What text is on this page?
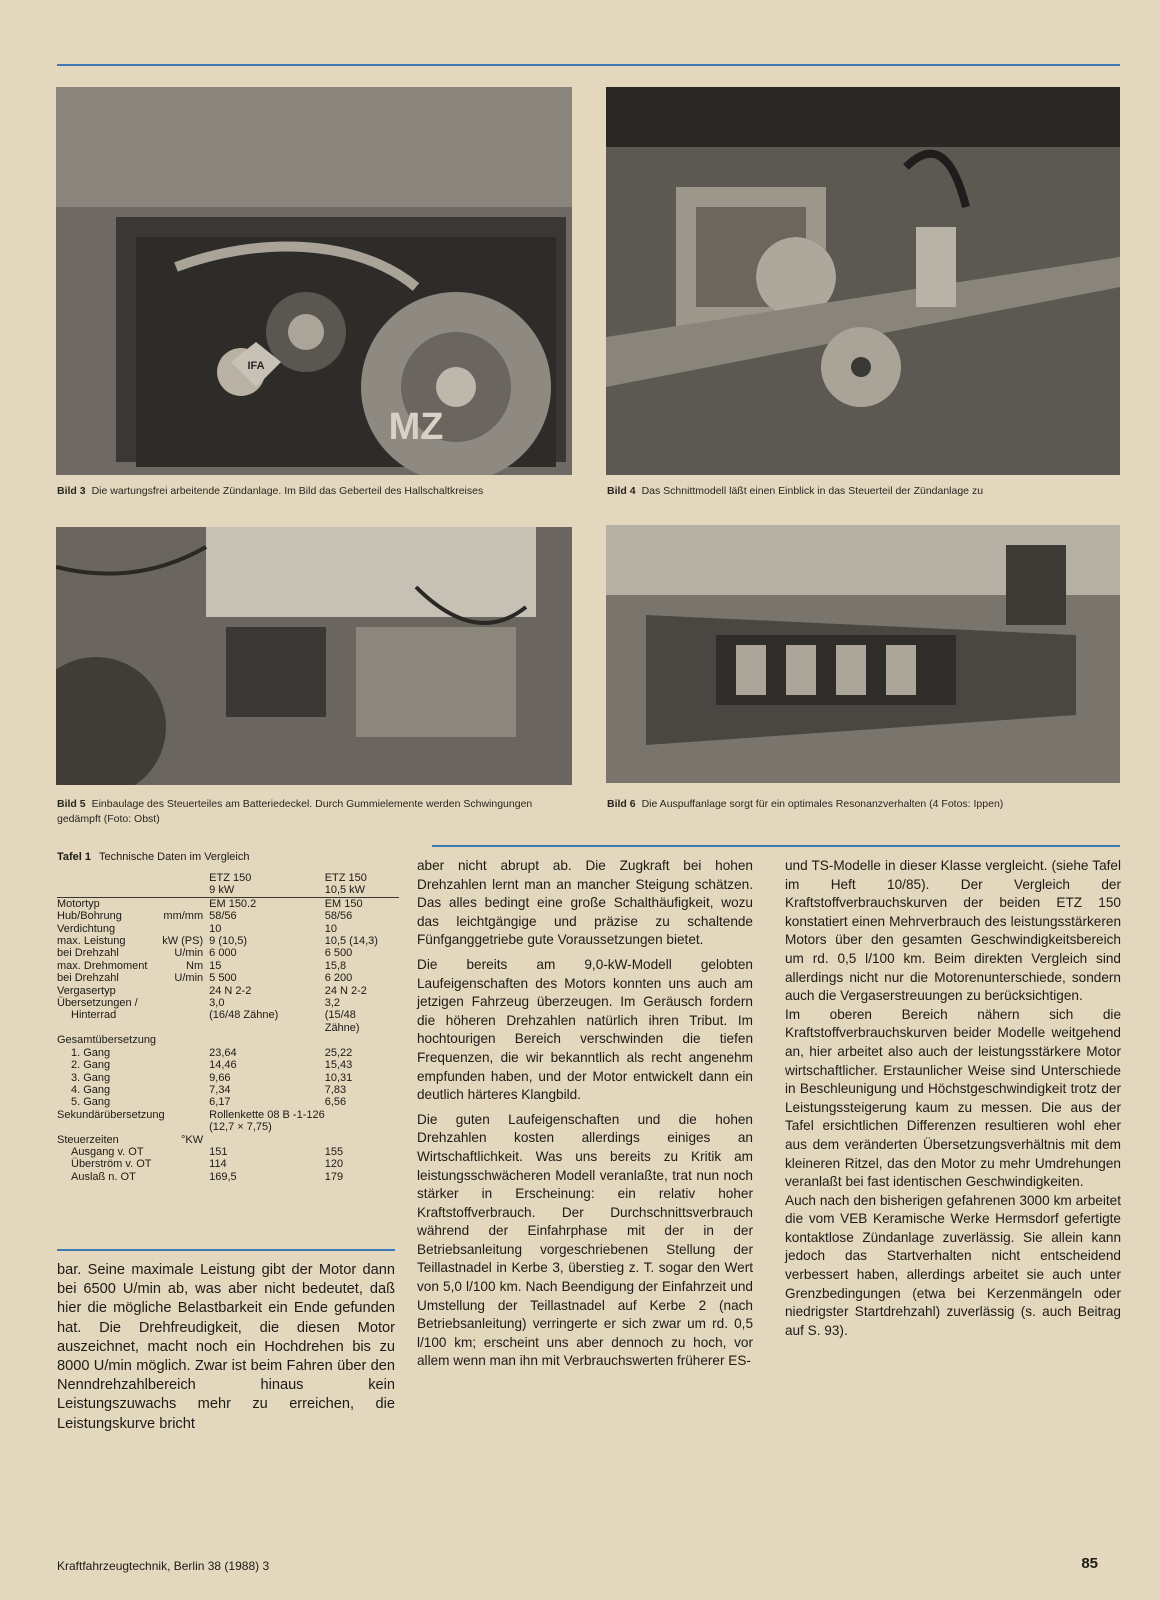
IFA
MZ
Bild 3 Die wartungsfrei arbeitende Zündanlage. Im Bild das Geberteil des Hallschaltkreises	Bild 4 Das Schnittmodell läßt einen Einblick in das Steuerteil der Zündanlage zu
Bild 5 Einbaulage des Steuerteiles am Batteriedeckel. Durch Gummielemente werden Schwingungen gedämpft (Foto: Obst)
Bild 6 Die Auspuffanlage sorgt für ein optimales Resonanzverhalten (4 Fotos: Ippen)
Tafel 1 Technische Daten im Vergleich
	ETZ 150	ETZ 150
	9 kW	10,5 kW
Motortyp	EM 150.2	EM 150
Hub/Bohrung mm/mm	58/56	58/56
Verdichtung	10	10
max. Leistung kW (PS)	9 (10,5)	10,5 (14,3)
bei Drehzahl U/min	6 000	6 500
max. Drehmoment Nm	15	15,8
bei Drehzahl U/min	5 500	6 200
Vergasertyp	24 N 2-2	24 N 2-2
Übersetzungen /	3,0	3,2
Hinterrad	(16/48 Zähne)	(15/48

		Zähne)
Gesamtübersetzung

1. Gang	23,64	25,22
2. Gang	14,46	15,43
3. Gang	9,66	10,31
4. Gang	7,34	7,83
5. Gang	6,17	6,56
Sekundärübersetzung	Rollenkette 08 B -1-126	

	(12,7 × 7,75)	
Steuerzeiten °KW		

Ausgang v. OT	151	155
Überström v. OT	114	120
Auslaß n. OT	169,5	179
bar. Seine maximale Leistung gibt der Motor dann bei 6500 U/min ab, was aber nicht bedeutet, daß hier die mögliche Belastbarkeit ein Ende gefunden hat. Die Drehfreudigkeit, die diesen Motor auszeichnet, macht noch ein Hochdrehen bis zu 8000 U/min möglich. Zwar ist beim Fahren über den Nenndrehzahlbereich hinaus kein Leistungszuwachs mehr zu erreichen, die Leistungskurve bricht

aber nicht abrupt ab. Die Zugkraft bei hohen Drehzahlen lernt man an mancher Steigung schätzen. Das alles bedingt eine große Schalthäufigkeit, wozu das leichtgängige und präzise zu schaltende Fünfganggetriebe gute Voraussetzungen bietet.

Die bereits am 9,0-kW-Modell gelobten Laufeigenschaften des Motors konnten uns auch am jetzigen Fahrzeug überzeugen. Im Geräusch fordern die höheren Drehzahlen natürlich ihren Tribut. Im hochtourigen Bereich verschwinden die tiefen Frequenzen, die wir bekanntlich als recht angenehm empfunden haben, und der Motor entwickelt dann ein deutlich härteres Klangbild.

Die guten Laufeigenschaften und die hohen Drehzahlen kosten allerdings einiges an Wirtschaftlichkeit. Was uns bereits zu Kritik am leistungsschwächeren Modell veranlaßte, trat nun noch stärker in Erscheinung: ein relativ hoher Kraftstoffverbrauch. Der Durchschnittsverbrauch während der Einfahrphase mit der in der Betriebsanleitung vorgeschriebenen Stellung der Teillastnadel in Kerbe 3, überstieg z. T. sogar den Wert von 5,0 l/100 km. Nach Beendigung der Einfahrzeit und Umstellung der Teillastnadel auf Kerbe 2 (nach Betriebsanleitung) verringerte er sich zwar um rd. 0,5 l/100 km; erscheint uns aber dennoch zu hoch, vor allem wenn man ihn mit Verbrauchswerten früherer ES-

und TS-Modelle in dieser Klasse vergleicht. (siehe Tafel im Heft 10/85). Der Vergleich der Kraftstoffverbrauchskurven der beiden ETZ 150 konstatiert einen Mehrverbrauch des leistungsstärkeren Motors über den gesamten Geschwindigkeitsbereich um rd. 0,5 l/100 km. Beim direkten Vergleich sind allerdings nicht nur die Motorenunterschiede, sondern auch die Vergaserstreuungen zu berücksichtigen.

Im oberen Bereich nähern sich die Kraftstoffverbrauchskurven beider Modelle weitgehend an, hier arbeitet also auch der leistungsstärkere Motor wirtschaftlicher. Erstaunlicher Weise sind Unterschiede in Beschleunigung und Höchstgeschwindigkeit trotz der Leistungssteigerung kaum zu messen. Die aus der Tafel ersichtlichen Differenzen resultieren wohl eher aus dem veränderten Übersetzungsverhältnis mit dem kleineren Ritzel, das den Motor zu mehr Umdrehungen veranlaßt bei fast identischen Geschwindigkeiten.

Auch nach den bisherigen gefahrenen 3000 km arbeitet die vom VEB Keramische Werke Hermsdorf gefertigte kontaktlose Zündanlage zuverlässig. Sie allein kann jedoch das Startverhalten nicht entscheidend verbessert haben, allerdings arbeitet sie auch unter Grenzbedingungen (etwa bei Kerzenmängeln oder niedrigster Startdrehzahl) zuverlässig (s. auch Beitrag auf S. 93).

Kraftfahrzeugtechnik, Berlin 38 (1988) 3	85
